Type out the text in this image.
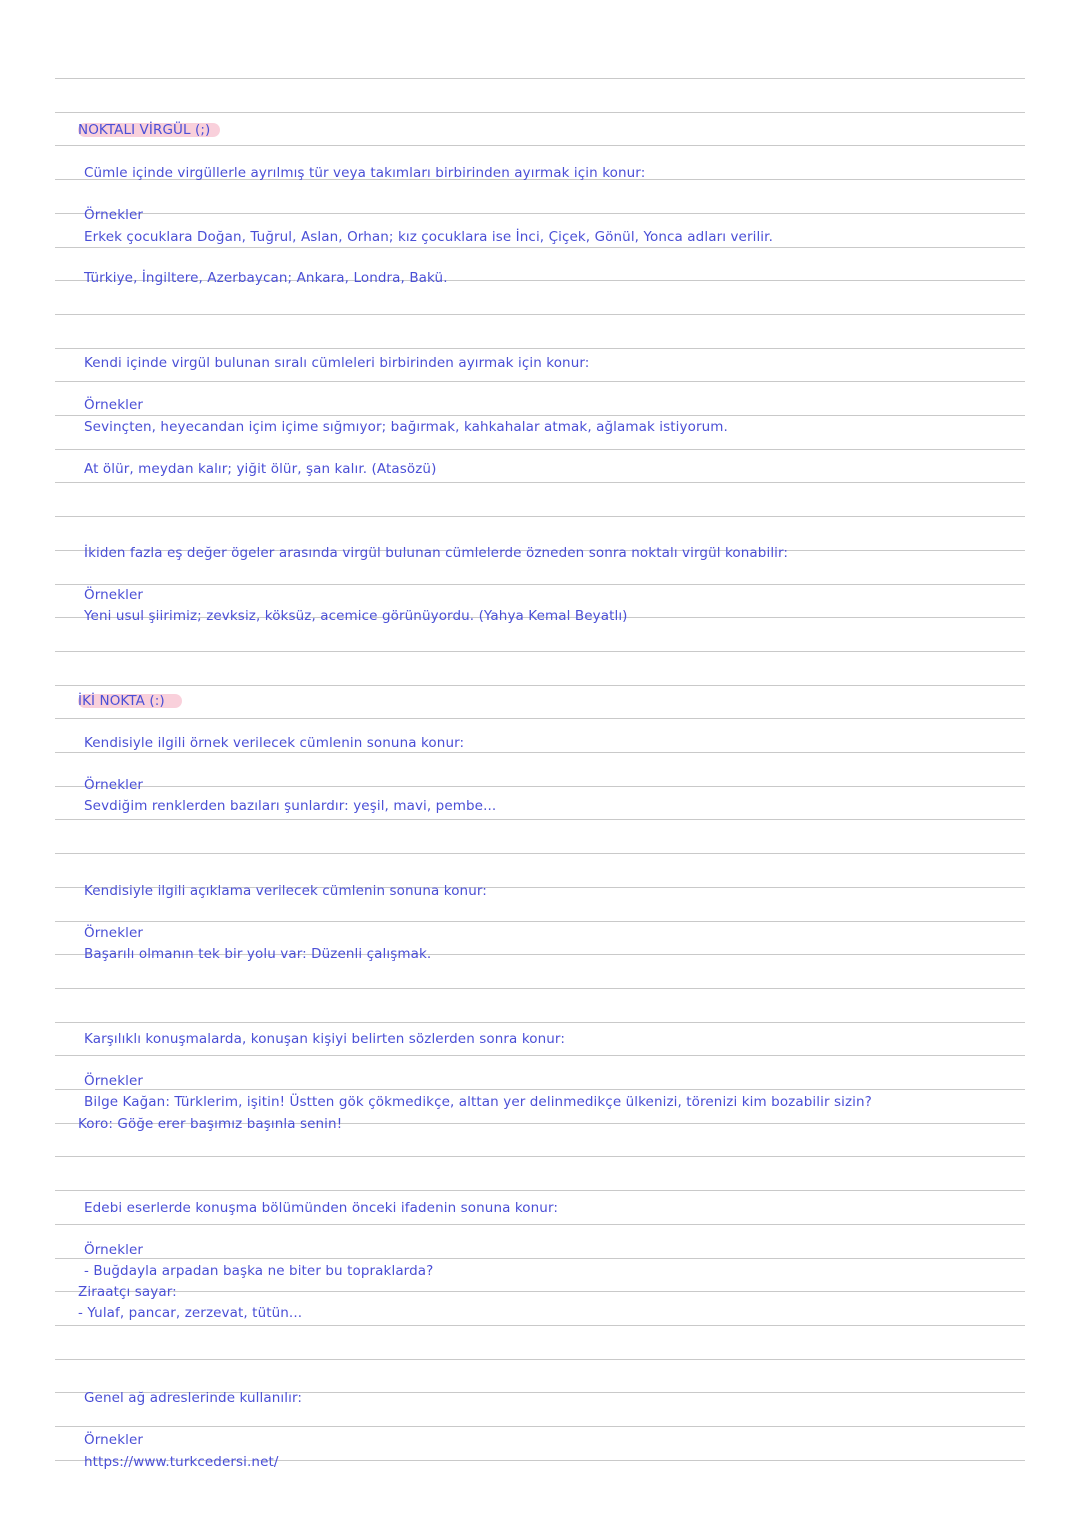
NOKTALI VİRGÜL (;)
Cümle içinde virgüllerle ayrılmış tür veya takımları birbirinden ayırmak için konur:
Örnekler
Erkek çocuklara Doğan, Tuğrul, Aslan, Orhan; kız çocuklara ise İnci, Çiçek, Gönül, Yonca adları verilir.
Türkiye, İngiltere, Azerbaycan; Ankara, Londra, Bakü.
Kendi içinde virgül bulunan sıralı cümleleri birbirinden ayırmak için konur:
Örnekler
Sevinçten, heyecandan içim içime sığmıyor; bağırmak, kahkahalar atmak, ağlamak istiyorum.
At ölür, meydan kalır; yiğit ölür, şan kalır. (Atasözü)
İkiden fazla eş değer ögeler arasında virgül bulunan cümlelerde özneden sonra noktalı virgül konabilir:
Örnekler
Yeni usul şiirimiz; zevksiz, köksüz, acemice görünüyordu. (Yahya Kemal Beyatlı)
İKİ NOKTA (:)
Kendisiyle ilgili örnek verilecek cümlenin sonuna konur:
Örnekler
Sevdiğim renklerden bazıları şunlardır: yeşil, mavi, pembe...
Kendisiyle ilgili açıklama verilecek cümlenin sonuna konur:
Örnekler
Başarılı olmanın tek bir yolu var: Düzenli çalışmak.
Karşılıklı konuşmalarda, konuşan kişiyi belirten sözlerden sonra konur:
Örnekler
Bilge Kağan: Türklerim, işitin! Üstten gök çökmedikçe, alttan yer delinmedikçe ülkenizi, törenizi kim bozabilir sizin?
Koro: Göğe erer başımız başınla senin!
Edebi eserlerde konuşma bölümünden önceki ifadenin sonuna konur:
Örnekler
- Buğdayla arpadan başka ne biter bu topraklarda?
Ziraatçı sayar:
- Yulaf, pancar, zerzevat, tütün...
Genel ağ adreslerinde kullanılır:
Örnekler
https://www.turkcedersi.net/
